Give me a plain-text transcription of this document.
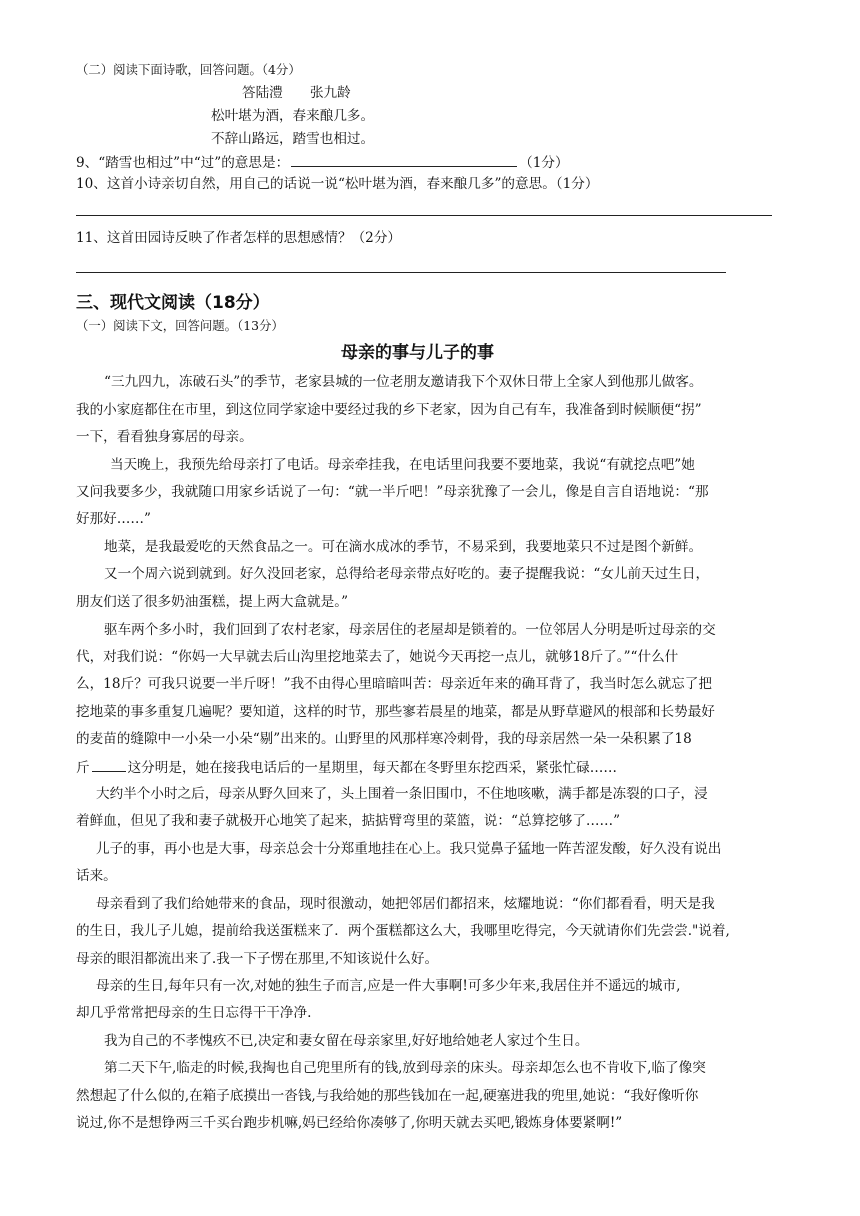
（二）阅读下面诗歌，回答问题。（4分）
答陆澧　　张九龄
松叶堪为酒，春来酿几多。
不辞山路远，踏雪也相过。
9、“踏雪也相过”中“过”的意思是：	（1分）
10、这首小诗亲切自然，用自己的话说一说“松叶堪为酒，春来酿几多”的意思。（1分）
11、这首田园诗反映了作者怎样的思想感情？（2分）
三、现代文阅读（18分）
（一）阅读下文，回答问题。（13分）
母亲的事与儿子的事
“三九四九，冻破石头”的季节，老家县城的一位老朋友邀请我下个双休日带上全家人到他那儿做客。
我的小家庭都住在市里，到这位同学家途中要经过我的乡下老家，因为自己有车，我准备到时候顺便“拐”
一下，看看独身寡居的母亲。
当天晚上，我预先给母亲打了电话。母亲牵挂我，在电话里问我要不要地菜，我说“有就挖点吧”她
又问我要多少，我就随口用家乡话说了一句：“就一半斤吧！”母亲犹豫了一会儿，像是自言自语地说：“那
好那好……”
地菜，是我最爱吃的天然食品之一。可在滴水成冰的季节，不易采到，我要地菜只不过是图个新鲜。
又一个周六说到就到。好久没回老家，总得给老母亲带点好吃的。妻子提醒我说：“女儿前天过生日，
朋友们送了很多奶油蛋糕，提上两大盒就是。”
驱车两个多小时，我们回到了农村老家，母亲居住的老屋却是锁着的。一位邻居人分明是听过母亲的交
代，对我们说：“你妈一大早就去后山沟里挖地菜去了，她说今天再挖一点儿，就够18斤了。”“什么什
么，18斤？可我只说要一半斤呀！”我不由得心里暗暗叫苦：母亲近年来的确耳背了，我当时怎么就忘了把
挖地菜的事多重复几遍呢？要知道，这样的时节，那些寥若晨星的地菜，都是从野草避风的根部和长势最好
的麦苗的缝隙中一小朵一小朵“剔”出来的。山野里的风那样寒冷刺骨，我的母亲居然一朵一朵积累了18
斤	这分明是，她在接我电话后的一星期里，每天都在冬野里东挖西采，紧张忙碌……
大约半个小时之后，母亲从野久回来了，头上围着一条旧围巾，不住地咳嗽，满手都是冻裂的口子，浸
着鲜血，但见了我和妻子就极开心地笑了起来，掂掂臂弯里的菜篮，说：“总算挖够了……”
儿子的事，再小也是大事，母亲总会十分郑重地挂在心上。我只觉鼻子猛地一阵苦涩发酸，好久没有说出
话来。
母亲看到了我们给她带来的食品，现时很激动，她把邻居们都招来，炫耀地说：“你们都看看，明天是我
的生日，我儿子儿媳，提前给我送蛋糕来了．两个蛋糕都这么大，我哪里吃得完，今天就请你们先尝尝."说着,
母亲的眼泪都流出来了.我一下子愣在那里,不知该说什么好。
母亲的生日,每年只有一次,对她的独生子而言,应是一件大事啊!可多少年来,我居住并不遥远的城市,
却几乎常常把母亲的生日忘得干干净净.
我为自己的不孝愧疚不已,决定和妻女留在母亲家里,好好地给她老人家过个生日。
第二天下午,临走的时候,我掏也自己兜里所有的钱,放到母亲的床头。母亲却怎么也不肯收下,临了像突
然想起了什么似的,在箱子底摸出一沓钱,与我给她的那些钱加在一起,硬塞进我的兜里,她说：“我好像听你
说过,你不是想铮两三千买台跑步机嘛,妈已经给你凑够了,你明天就去买吧,锻炼身体要紧啊!”
